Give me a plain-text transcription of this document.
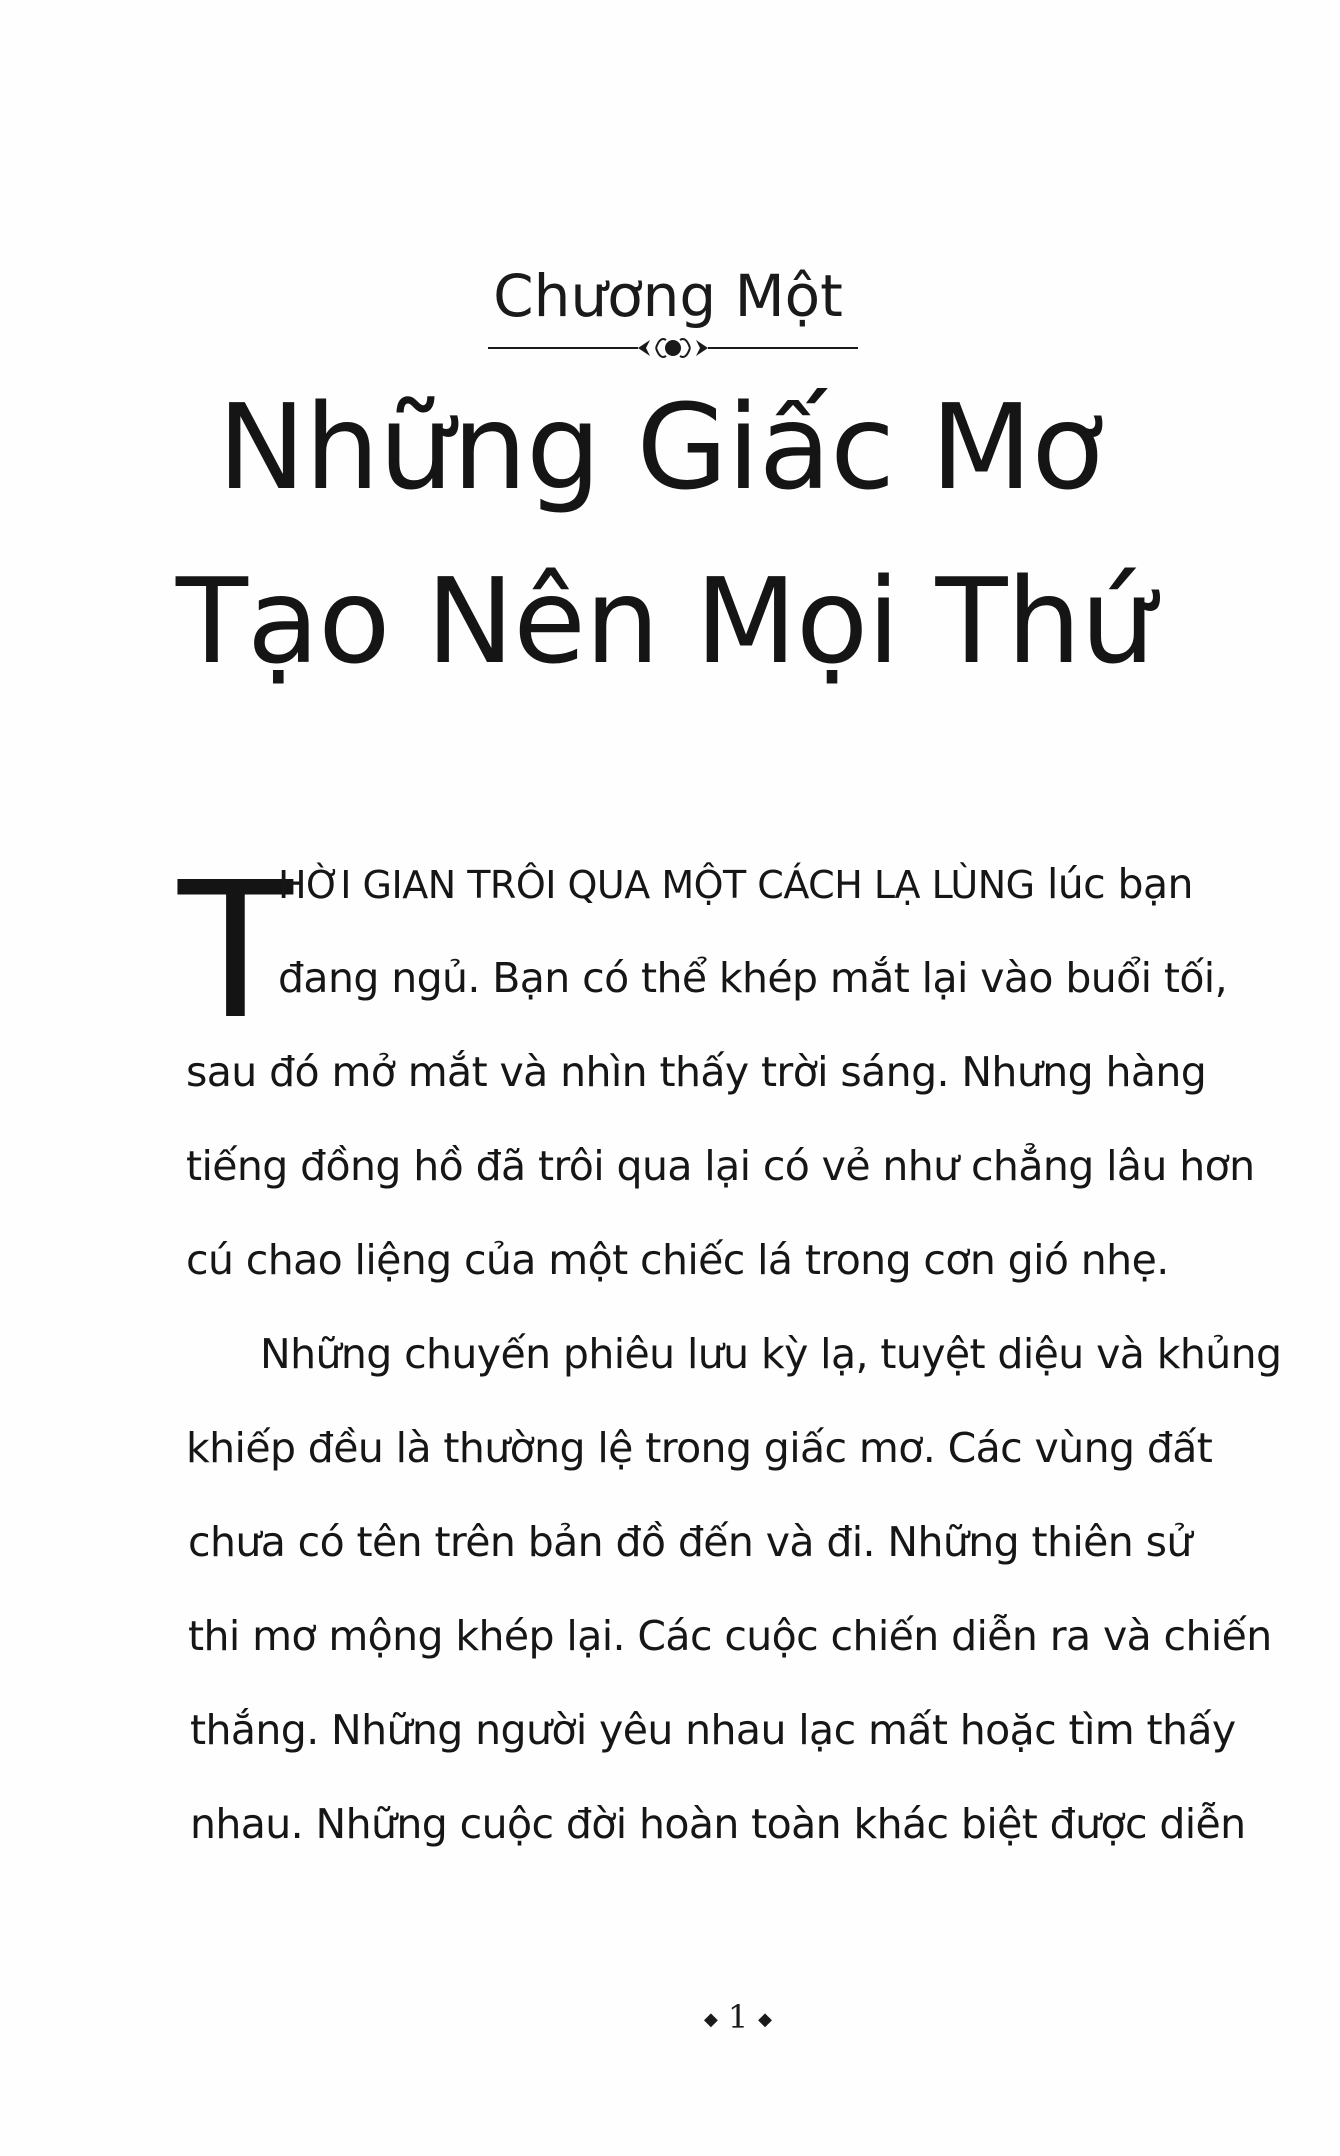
Chương Một
Những Giấc Mơ
Tạo Nên Mọi Thứ
T
HỜI GIAN TRÔI QUA MỘT CÁCH LẠ LÙNG lúc bạn
đang ngủ. Bạn có thể khép mắt lại vào buổi tối,
sau đó mở mắt và nhìn thấy trời sáng. Nhưng hàng
tiếng đồng hồ đã trôi qua lại có vẻ như chẳng lâu hơn
cú chao liệng của một chiếc lá trong cơn gió nhẹ.
Những chuyến phiêu lưu kỳ lạ, tuyệt diệu và khủng
khiếp đều là thường lệ trong giấc mơ. Các vùng đất
chưa có tên trên bản đồ đến và đi. Những thiên sử
thi mơ mộng khép lại. Các cuộc chiến diễn ra và chiến
thắng. Những người yêu nhau lạc mất hoặc tìm thấy
nhau. Những cuộc đời hoàn toàn khác biệt được diễn
◆ 1 ◆
